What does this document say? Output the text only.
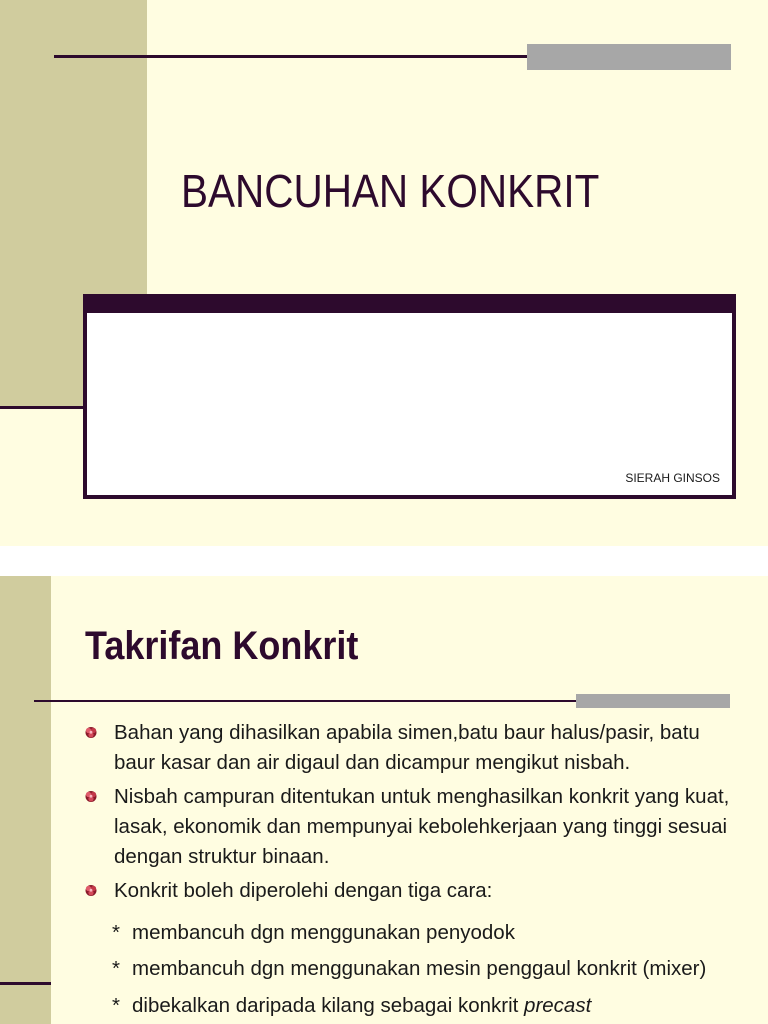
BANCUHAN KONKRIT
SIERAH GINSOS
Takrifan Konkrit
Bahan yang dihasilkan apabila simen,batu baur halus/pasir, batu baur kasar dan air digaul dan dicampur mengikut nisbah.
Nisbah campuran ditentukan untuk menghasilkan konkrit yang kuat, lasak, ekonomik dan mempunyai kebolehkerjaan yang tinggi sesuai dengan struktur binaan.
Konkrit boleh diperolehi dengan tiga cara:
* membancuh dgn menggunakan penyodok
* membancuh dgn menggunakan mesin penggaul konkrit (mixer)
* dibekalkan daripada kilang sebagai konkrit precast
